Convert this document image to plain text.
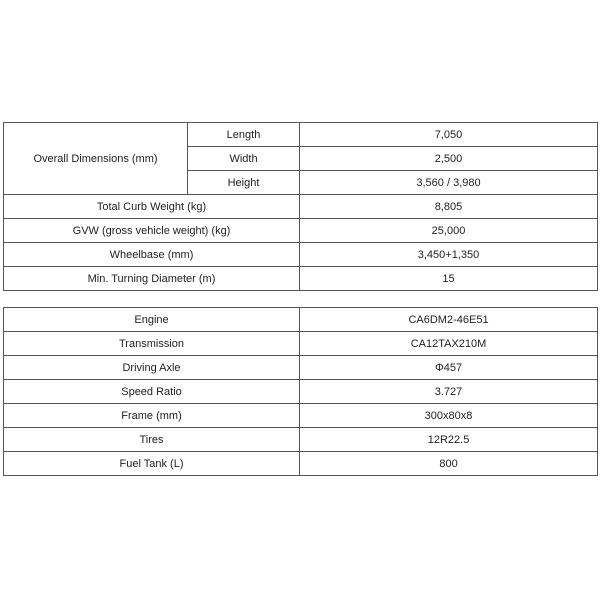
Overall Dimensions (mm)	Length	7,050
	Width	2,500
	Height	3,560 / 3,980
Total Curb Weight (kg)		8,805
GVW (gross vehicle weight) (kg)		25,000
Wheelbase (mm)		3,450+1,350
Min. Turning Diameter (m)		15
Engine	CA6DM2-46E51
Transmission	CA12TAX210M
Driving Axle	Φ457
Speed Ratio	3.727
Frame (mm)	300x80x8
Tires	12R22.5
Fuel Tank (L)	800
